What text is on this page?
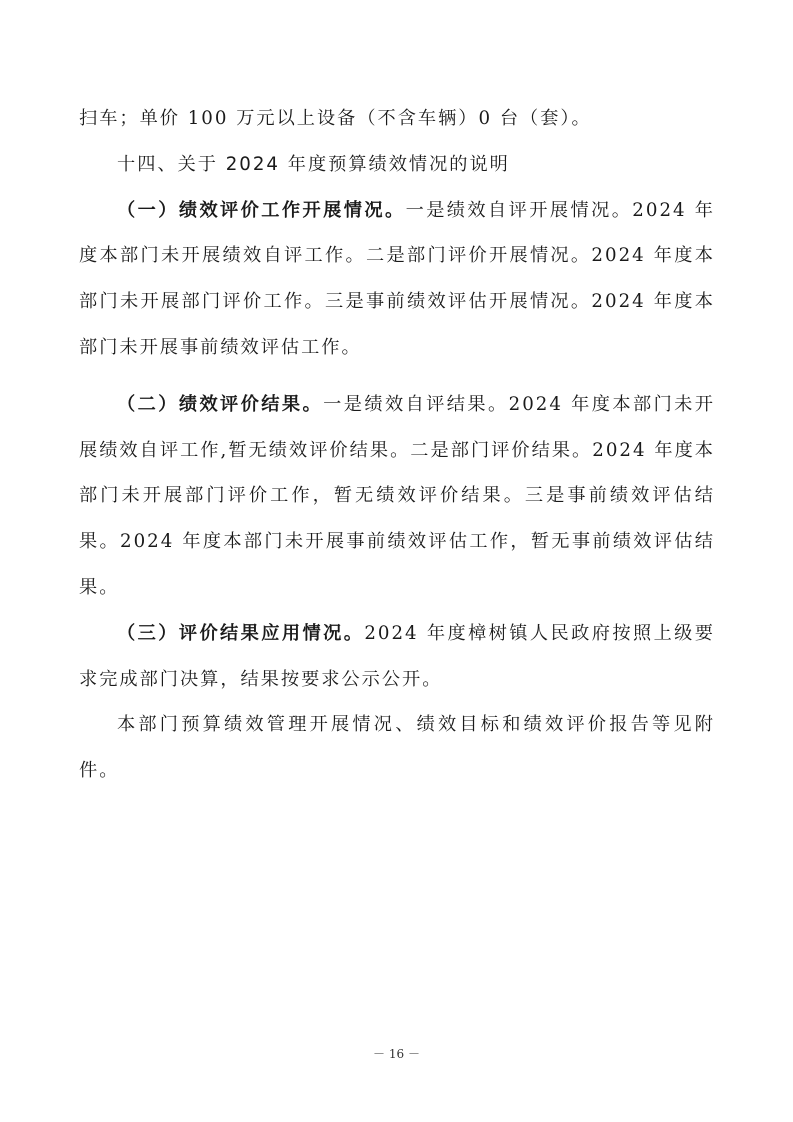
扫车；单价 100 万元以上设备（不含车辆）0 台（套）。

十四、关于 2024 年度预算绩效情况的说明

（一）绩效评价工作开展情况。一是绩效自评开展情况。2024 年度本部门未开展绩效自评工作。二是部门评价开展情况。2024 年度本部门未开展部门评价工作。三是事前绩效评估开展情况。2024 年度本部门未开展事前绩效评估工作。

（二）绩效评价结果。一是绩效自评结果。2024 年度本部门未开展绩效自评工作,暂无绩效评价结果。二是部门评价结果。2024 年度本部门未开展部门评价工作，暂无绩效评价结果。三是事前绩效评估结果。2024 年度本部门未开展事前绩效评估工作，暂无事前绩效评估结果。

（三）评价结果应用情况。2024 年度樟树镇人民政府按照上级要求完成部门决算，结果按要求公示公开。

本部门预算绩效管理开展情况、绩效目标和绩效评价报告等见附件。

－ 16 －
